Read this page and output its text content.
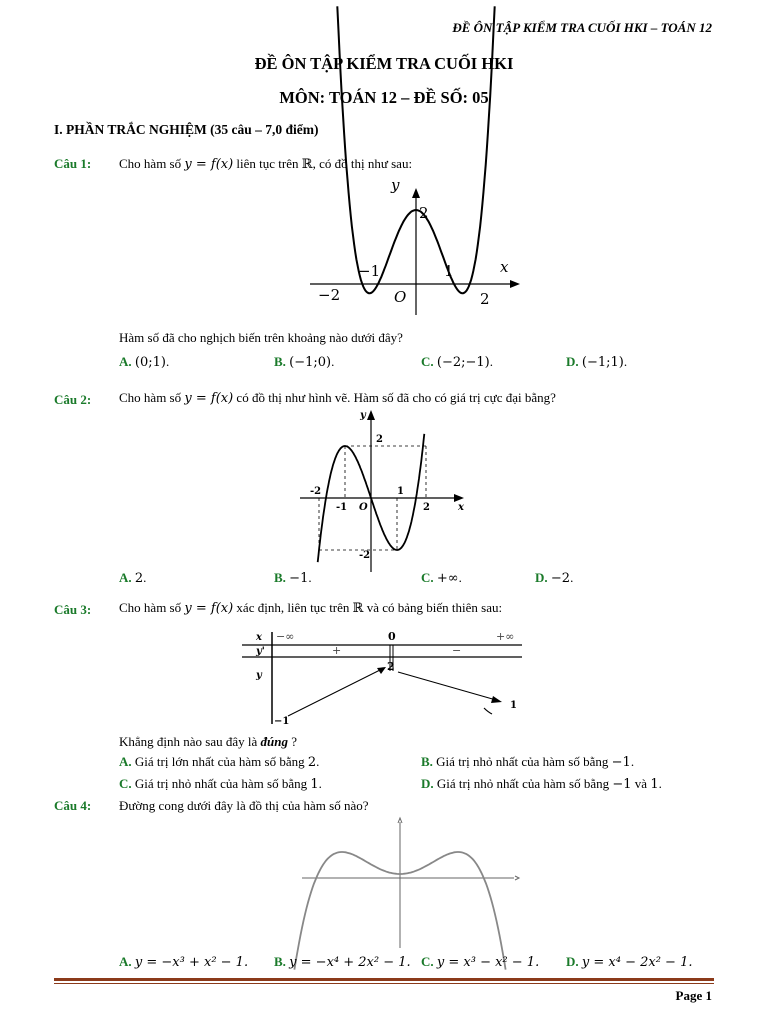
ĐỀ ÔN TẬP KIỂM TRA CUỐI HKI – TOÁN 12
ĐỀ ÔN TẬP KIỂM TRA CUỐI HKI
MÔN: TOÁN 12 – ĐỀ SỐ: 05
I. PHẦN TRẮC NGHIỆM (35 câu – 7,0 điểm)
Câu 1: Cho hàm số y = f(x) liên tục trên ℝ, có đồ thị như sau:
y
x
2
−1	1
−2	O	2
Hàm số đã cho nghịch biến trên khoảng nào dưới đây?
A. (0;1).	B. (−1;0).	C. (−2;−1).	D. (−1;1).
Câu 2: Cho hàm số y = f(x) có đồ thị như hình vẽ. Hàm số đã cho có giá trị cực đại bằng?
y
x
2
-2
-1 O
1
2
-2
A. 2.	B. −1.	C. +∞.	D. −2.
Câu 3: Cho hàm số y = f(x) xác định, liên tục trên ℝ và có bảng biến thiên sau:
x
y'
y
−∞	0	+∞
+	−
2
−1
1
Khẳng định nào sau đây là đúng ?
A. Giá trị lớn nhất của hàm số bằng 2.	B. Giá trị nhỏ nhất của hàm số bằng −1.
C. Giá trị nhỏ nhất của hàm số bằng 1.	D. Giá trị nhỏ nhất của hàm số bằng −1 và 1.
Câu 4: Đường cong dưới đây là đồ thị của hàm số nào?
A. y = −x³ + x² − 1. B. y = −x⁴ + 2x² − 1. C. y = x³ − x² − 1. D. y = x⁴ − 2x² − 1.
Page 1
